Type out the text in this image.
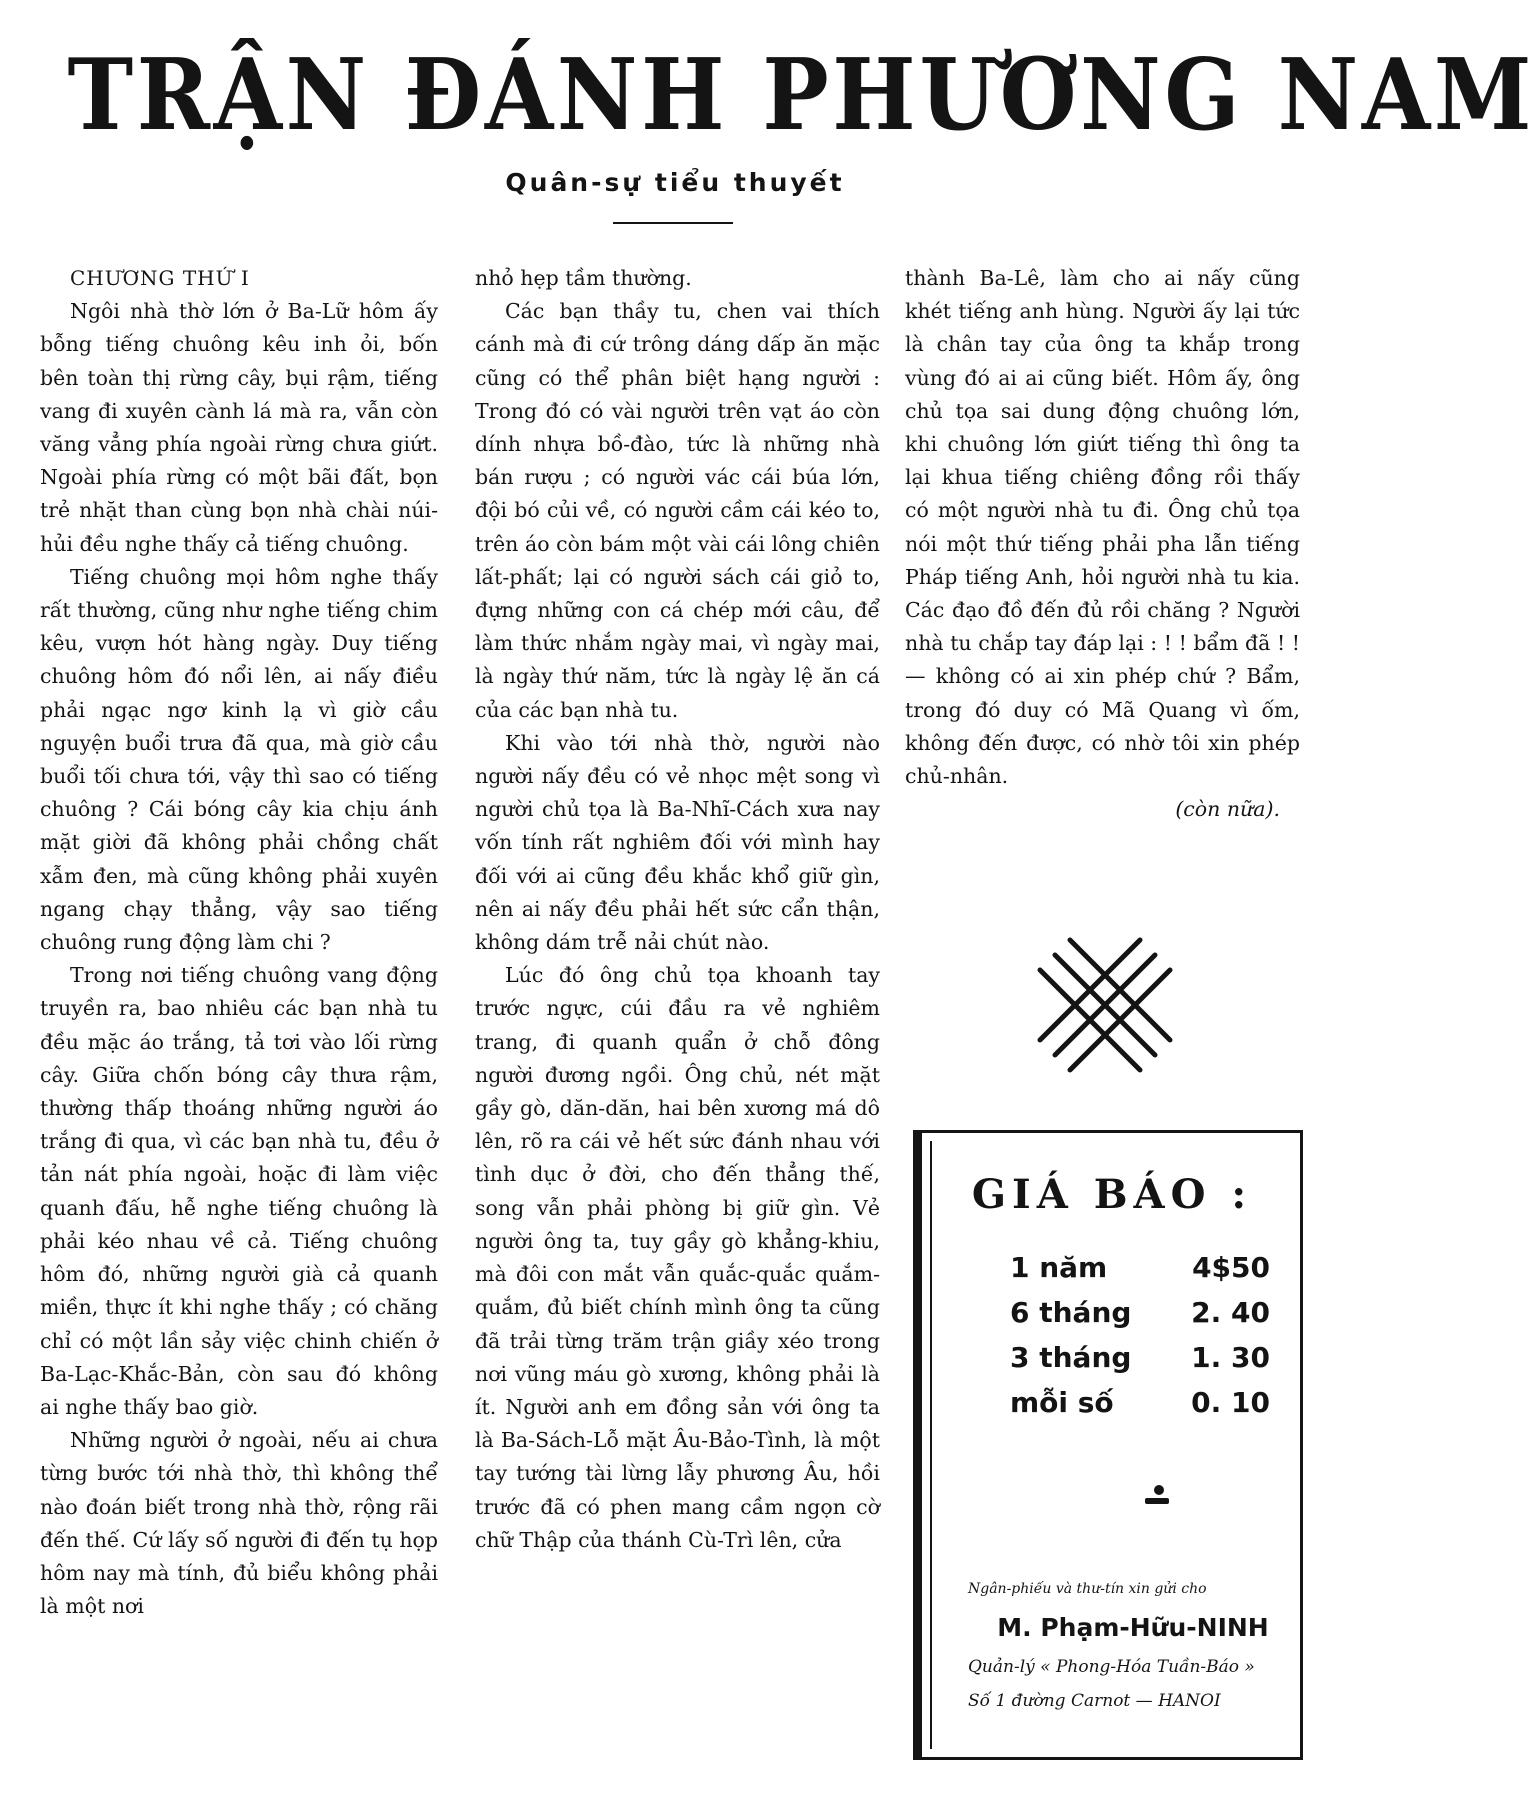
TRẬN ĐÁNH PHƯƠNG NAM
Quân-sự tiểu thuyết

CHƯƠNG THỨ I

Ngôi nhà thờ lớn ở Ba-Lữ hôm ấy bỗng tiếng chuông kêu inh ỏi, bốn bên toàn thị rừng cây, bụi rậm, tiếng vang đi xuyên cành lá mà ra, vẫn còn văng vẳng phía ngoài rừng chưa giứt. Ngoài phía rừng có một bãi đất, bọn trẻ nhặt than cùng bọn nhà chài núi-hủi đều nghe thấy cả tiếng chuông.

Tiếng chuông mọi hôm nghe thấy rất thường, cũng như nghe tiếng chim kêu, vượn hót hàng ngày. Duy tiếng chuông hôm đó nổi lên, ai nấy điều phải ngạc ngơ kinh lạ vì giờ cầu nguyện buổi trưa đã qua, mà giờ cầu buổi tối chưa tới, vậy thì sao có tiếng chuông ? Cái bóng cây kia chịu ánh mặt giời đã không phải chồng chất xẫm đen, mà cũng không phải xuyên ngang chạy thẳng, vậy sao tiếng chuông rung động làm chi ?

Trong nơi tiếng chuông vang động truyền ra, bao nhiêu các bạn nhà tu đều mặc áo trắng, tả tơi vào lối rừng cây. Giữa chốn bóng cây thưa rậm, thường thấp thoáng những người áo trắng đi qua, vì các bạn nhà tu, đều ở tản nát phía ngoài, hoặc đi làm việc quanh đấu, hễ nghe tiếng chuông là phải kéo nhau về cả. Tiếng chuông hôm đó, những người già cả quanh miền, thực ít khi nghe thấy ; có chăng chỉ có một lần sảy việc chinh chiến ở Ba-Lạc-Khắc-Bản, còn sau đó không ai nghe thấy bao giờ.

Những người ở ngoài, nếu ai chưa từng bước tới nhà thờ, thì không thể nào đoán biết trong nhà thờ, rộng rãi đến thế. Cứ lấy số người đi đến tụ họp hôm nay mà tính, đủ biểu không phải là một nơi

nhỏ hẹp tầm thường.

Các bạn thầy tu, chen vai thích cánh mà đi cứ trông dáng dấp ăn mặc cũng có thể phân biệt hạng người : Trong đó có vài người trên vạt áo còn dính nhựa bồ-đào, tức là những nhà bán rượu ; có người vác cái búa lớn, đội bó củi về, có người cầm cái kéo to, trên áo còn bám một vài cái lông chiên lất-phất; lại có người sách cái giỏ to, đựng những con cá chép mới câu, để làm thức nhắm ngày mai, vì ngày mai, là ngày thứ năm, tức là ngày lệ ăn cá của các bạn nhà tu.

Khi vào tới nhà thờ, người nào người nấy đều có vẻ nhọc mệt song vì người chủ tọa là Ba-Nhĩ-Cách xưa nay vốn tính rất nghiêm đối với mình hay đối với ai cũng đều khắc khổ giữ gìn, nên ai nấy đều phải hết sức cẩn thận, không dám trễ nải chút nào.

Lúc đó ông chủ tọa khoanh tay trước ngực, cúi đầu ra vẻ nghiêm trang, đi quanh quẩn ở chỗ đông người đương ngồi. Ông chủ, nét mặt gầy gò, dăn-dăn, hai bên xương má dô lên, rõ ra cái vẻ hết sức đánh nhau với tình dục ở đời, cho đến thẳng thế, song vẫn phải phòng bị giữ gìn. Vẻ người ông ta, tuy gầy gò khẳng-khiu, mà đôi con mắt vẫn quắc-quắc quắm-quắm, đủ biết chính mình ông ta cũng đã trải từng trăm trận giầy xéo trong nơi vũng máu gò xương, không phải là ít. Người anh em đồng sản với ông ta là Ba-Sách-Lỗ mặt Âu-Bảo-Tình, là một tay tướng tài lừng lẫy phương Âu, hồi trước đã có phen mang cầm ngọn cờ chữ Thập của thánh Cù-Trì lên, cửa

thành Ba-Lê, làm cho ai nấy cũng khét tiếng anh hùng. Người ấy lại tức là chân tay của ông ta khắp trong vùng đó ai ai cũng biết. Hôm ấy, ông chủ tọa sai dung động chuông lớn, khi chuông lớn giứt tiếng thì ông ta lại khua tiếng chiêng đồng rồi thấy có một người nhà tu đi. Ông chủ tọa nói một thứ tiếng phải pha lẫn tiếng Pháp tiếng Anh, hỏi người nhà tu kia. Các đạo đồ đến đủ rồi chăng ? Người nhà tu chắp tay đáp lại : ! ! bẩm đã ! ! — không có ai xin phép chứ ? Bẩm, trong đó duy có Mã Quang vì ốm, không đến được, có nhờ tôi xin phép chủ-nhân.

(còn nữa).

GIÁ BÁO :
1 năm	4$50
6 tháng 2. 40
3 tháng 1. 30
mỗi số	0. 10
Ngân-phiếu và thư-tín xin gửi cho
M. Phạm-Hữu-NINH
Quản-lý « Phong-Hóa Tuần-Báo »
Số 1 đường Carnot — HANOI
